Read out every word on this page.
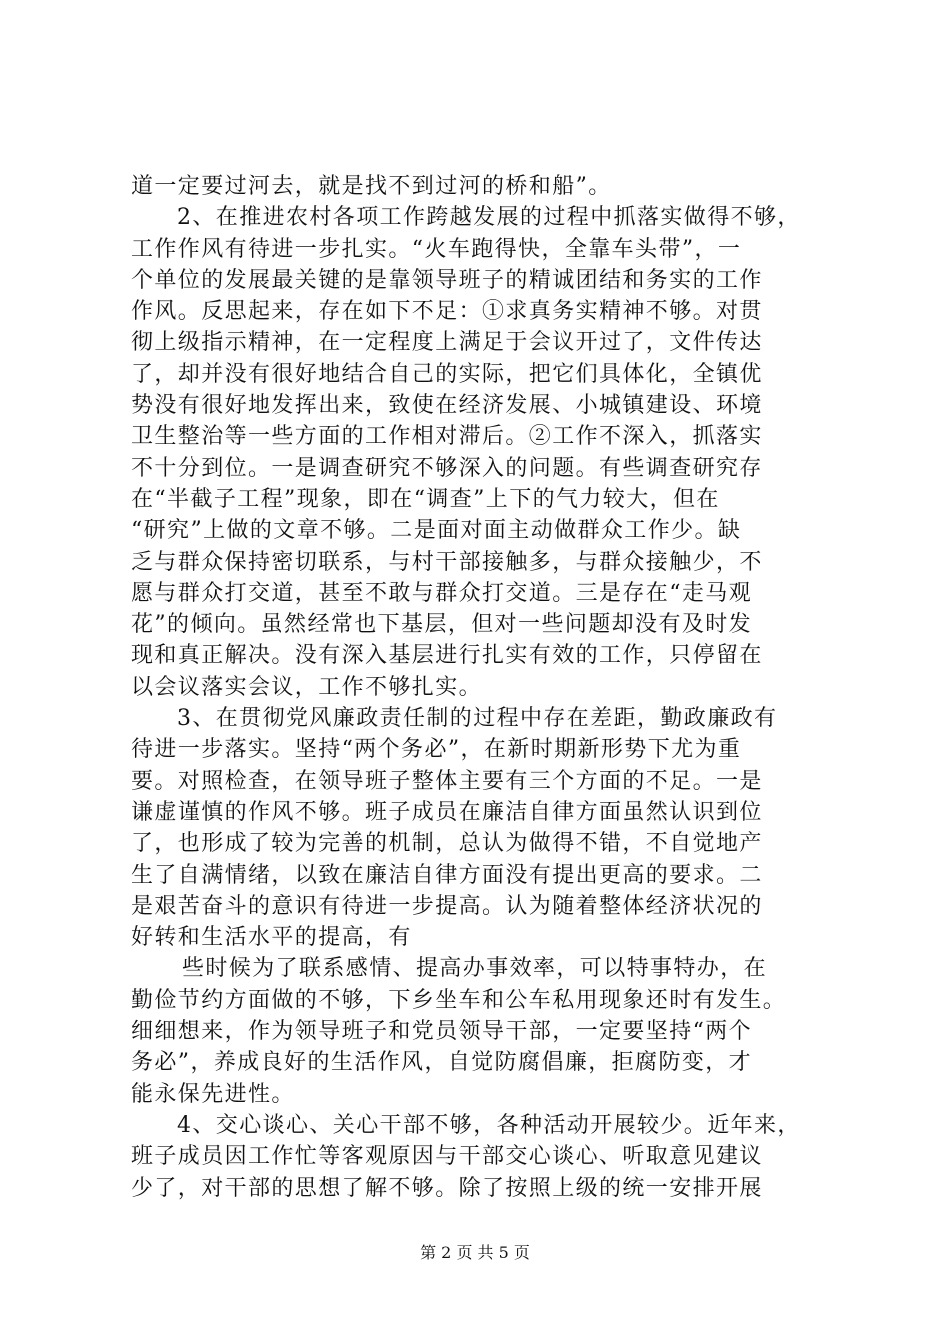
道一定要过河去，就是找不到过河的桥和船”。
2、在推进农村各项工作跨越发展的过程中抓落实做得不够，
工作作风有待进一步扎实。“火车跑得快，全靠车头带”，一
个单位的发展最关键的是靠领导班子的精诚团结和务实的工作
作风。反思起来，存在如下不足：①求真务实精神不够。对贯
彻上级指示精神，在一定程度上满足于会议开过了，文件传达
了，却并没有很好地结合自己的实际，把它们具体化，全镇优
势没有很好地发挥出来，致使在经济发展、小城镇建设、环境
卫生整治等一些方面的工作相对滞后。②工作不深入，抓落实
不十分到位。一是调查研究不够深入的问题。有些调查研究存
在“半截子工程”现象，即在“调查”上下的气力较大，但在
“研究”上做的文章不够。二是面对面主动做群众工作少。缺
乏与群众保持密切联系，与村干部接触多，与群众接触少，不
愿与群众打交道，甚至不敢与群众打交道。三是存在“走马观
花”的倾向。虽然经常也下基层，但对一些问题却没有及时发
现和真正解决。没有深入基层进行扎实有效的工作，只停留在
以会议落实会议，工作不够扎实。
3、在贯彻党风廉政责任制的过程中存在差距，勤政廉政有
待进一步落实。坚持“两个务必”，在新时期新形势下尤为重
要。对照检查，在领导班子整体主要有三个方面的不足。一是
谦虚谨慎的作风不够。班子成员在廉洁自律方面虽然认识到位
了，也形成了较为完善的机制，总认为做得不错，不自觉地产
生了自满情绪，以致在廉洁自律方面没有提出更高的要求。二
是艰苦奋斗的意识有待进一步提高。认为随着整体经济状况的
好转和生活水平的提高，有
些时候为了联系感情、提高办事效率，可以特事特办，在
勤俭节约方面做的不够，下乡坐车和公车私用现象还时有发生。
细细想来，作为领导班子和党员领导干部，一定要坚持“两个
务必”，养成良好的生活作风，自觉防腐倡廉，拒腐防变，才
能永保先进性。
4、交心谈心、关心干部不够，各种活动开展较少。近年来，
班子成员因工作忙等客观原因与干部交心谈心、听取意见建议
少了，对干部的思想了解不够。除了按照上级的统一安排开展
第 2 页 共 5 页
